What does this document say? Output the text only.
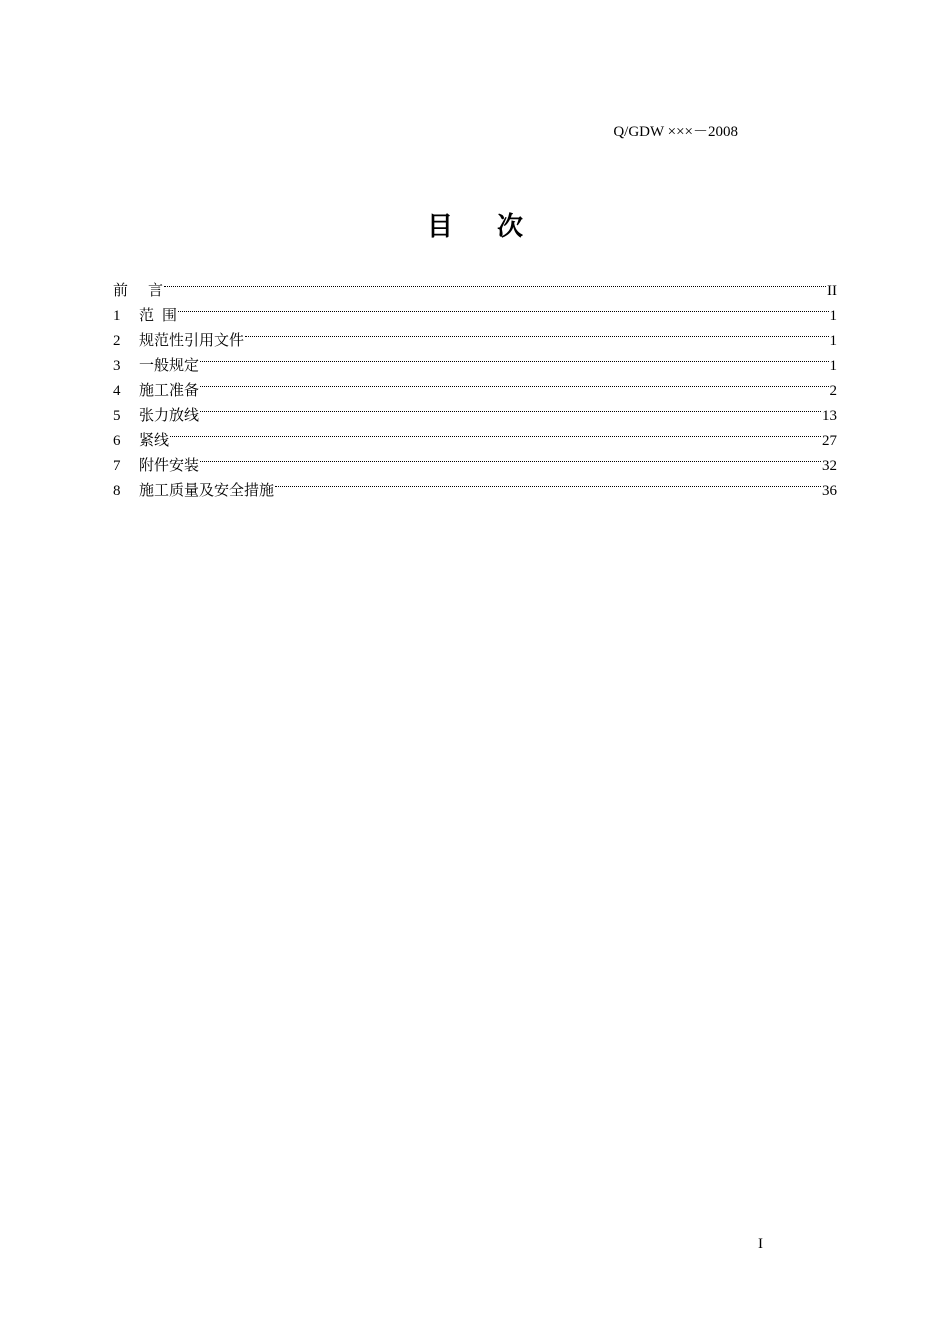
Q/GDW ×××－2008
目 次
前言	II
1	范围	1
2	规范性引用文件	1
3	一般规定	1
4	施工准备	2
5	张力放线	13
6	紧线	27
7	附件安装	32
8	施工质量及安全措施	36
I
